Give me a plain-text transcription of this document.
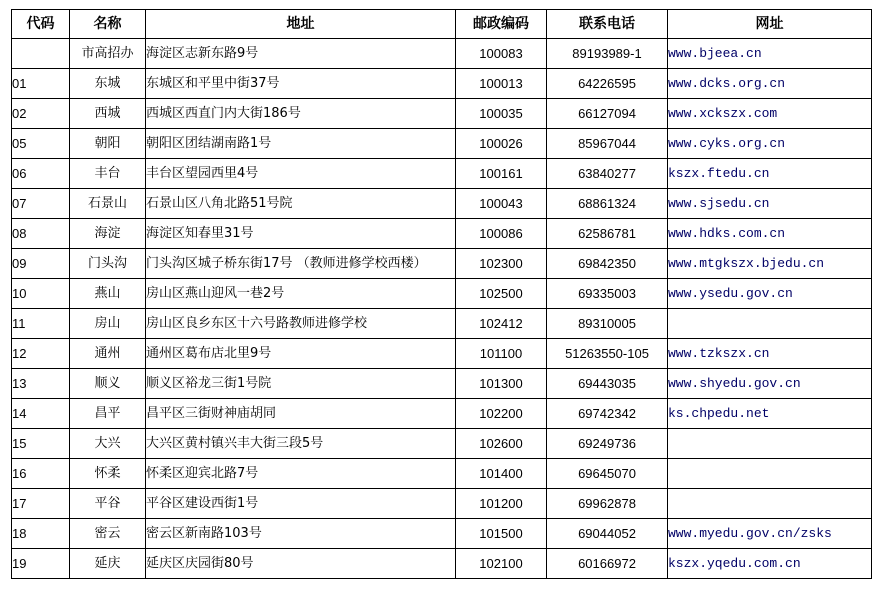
代码	名称	地址	邮政编码	联系电话	网址
	市高招办	海淀区志新东路9号	100083	89193989-1	www.bjeea.cn
01	东城	东城区和平里中街37号	100013	64226595	www.dcks.org.cn
02	西城	西城区西直门内大街186号	100035	66127094	www.xckszx.com
05	朝阳	朝阳区团结湖南路1号	100026	85967044	www.cyks.org.cn
06	丰台	丰台区望园西里4号	100161	63840277	kszx.ftedu.cn
07	石景山	石景山区八角北路51号院	100043	68861324	www.sjsedu.cn
08	海淀	海淀区知春里31号	100086	62586781	www.hdks.com.cn
09	门头沟	门头沟区城子桥东街17号 （教师进修学校西楼）	102300	69842350	www.mtgkszx.bjedu.cn
10	燕山	房山区燕山迎风一巷2号	102500	69335003	www.ysedu.gov.cn
11	房山	房山区良乡东区十六号路教师进修学校	102412	89310005	
12	通州	通州区葛布店北里9号	101100	51263550-105	www.tzkszx.cn
13	顺义	顺义区裕龙三街1号院	101300	69443035	www.shyedu.gov.cn
14	昌平	昌平区三街财神庙胡同	102200	69742342	ks.chpedu.net
15	大兴	大兴区黄村镇兴丰大街三段5号	102600	69249736	
16	怀柔	怀柔区迎宾北路7号	101400	69645070	
17	平谷	平谷区建设西街1号	101200	69962878	
18	密云	密云区新南路103号	101500	69044052	www.myedu.gov.cn/zsks
19	延庆	延庆区庆园街80号	102100	60166972	kszx.yqedu.com.cn
